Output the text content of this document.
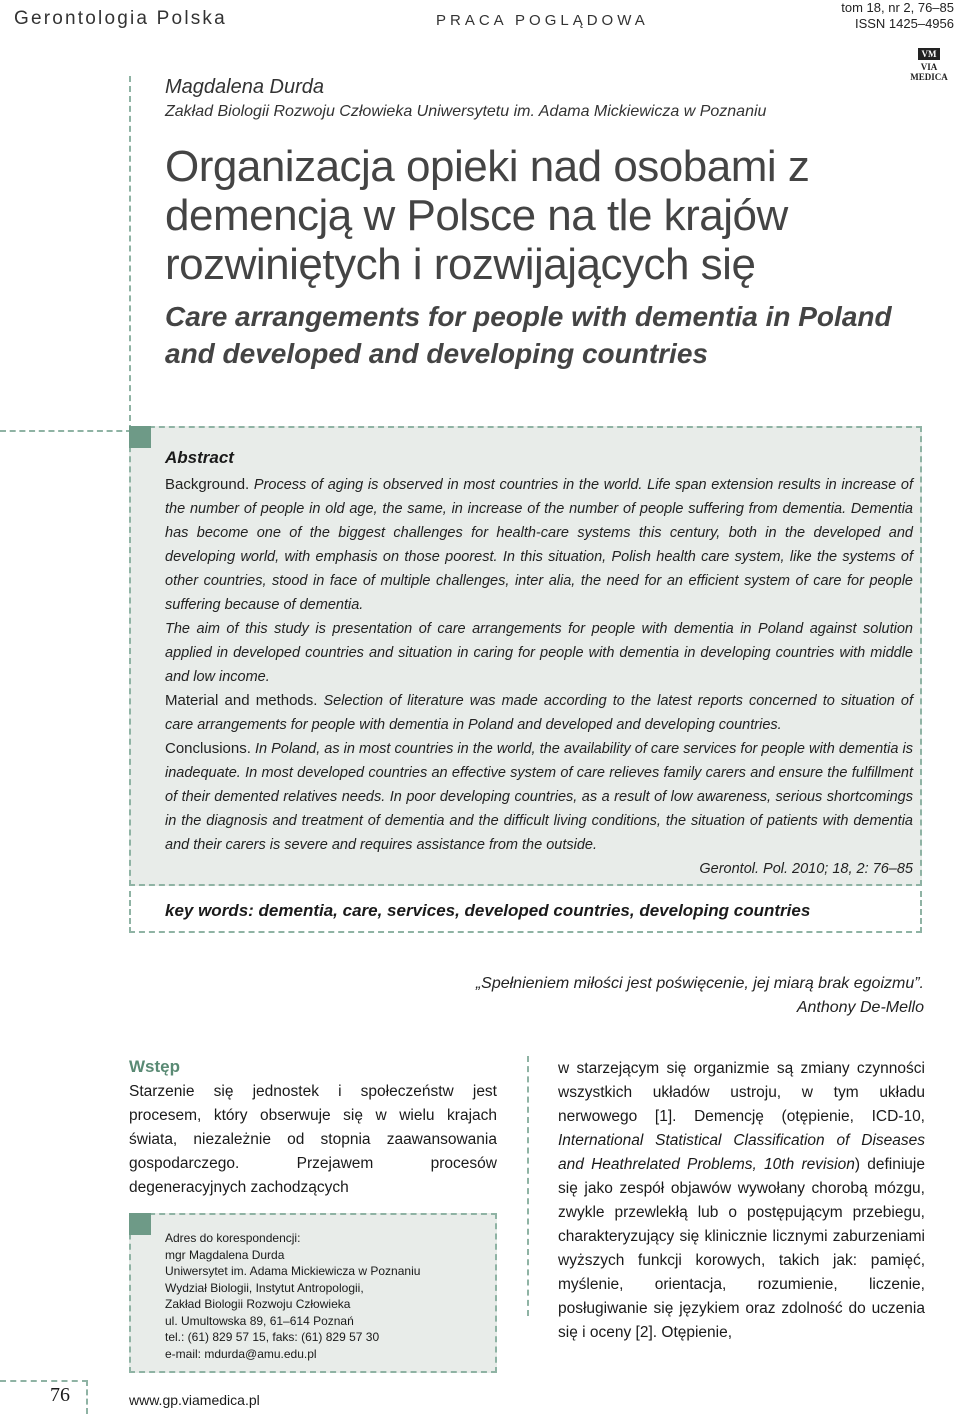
Gerontologia Polska	PRACA POGLĄDOWA
tom 18, nr 2, 76–85
ISSN 1425–4956
VM
VIA MEDICA
Magdalena Durda
Zakład Biologii Rozwoju Człowieka Uniwersytetu im. Adama Mickiewicza w Poznaniu
Organizacja opieki nad osobami z demencją w Polsce na tle krajów rozwiniętych i rozwijających się
Care arrangements for people with dementia in Poland and developed and developing countries
Abstract
Background. Process of aging is observed in most countries in the world. Life span extension results in increase of the number of people in old age, the same, in increase of the number of people suffering from dementia. Dementia has become one of the biggest challenges for health-care systems this century, both in the developed and developing world, with emphasis on those poorest. In this situation, Polish health care system, like the systems of other countries, stood in face of multiple challenges, inter alia, the need for an efficient system of care for people suffering because of dementia.
The aim of this study is presentation of care arrangements for people with dementia in Poland against solution applied in developed countries and situation in caring for people with dementia in developing countries with middle and low income.
Material and methods. Selection of literature was made according to the latest reports concerned to situation of care arrangements for people with dementia in Poland and developed and developing countries.
Conclusions. In Poland, as in most countries in the world, the availability of care services for people with dementia is inadequate. In most developed countries an effective system of care relieves family carers and ensure the fulfillment of their demented relatives needs. In poor developing countries, as a result of low awareness, serious shortcomings in the diagnosis and treatment of dementia and the difficult living conditions, the situation of patients with dementia and their carers is severe and requires assistance from the outside.
Gerontol. Pol. 2010; 18, 2: 76–85
key words: dementia, care, services, developed countries, developing countries
„Spełnieniem miłości jest poświęcenie, jej miarą brak egoizmu”.
Anthony De-Mello
Wstęp
Starzenie się jednostek i społeczeństw jest procesem, który obserwuje się w wielu krajach świata, niezależnie od stopnia zaawansowania gospodarczego. Przejawem procesów degeneracyjnych zachodzących
w starzejącym się organizmie są zmiany czynności wszystkich układów ustroju, w tym układu nerwowego [1]. Demencję (otępienie, ICD-10, International Statistical Classification of Diseases and Heathrelated Problems, 10th revision) definiuje się jako zespół objawów wywołany chorobą mózgu, zwykle przewlekłą lub o postępującym przebiegu, charakteryzujący się klinicznie licznymi zaburzeniami wyższych funkcji korowych, takich jak: pamięć, myślenie, orientacja, rozumienie, liczenie, posługiwanie się językiem oraz zdolność do uczenia się i oceny [2]. Otępienie,
Adres do korespondencji:
mgr Magdalena Durda
Uniwersytet im. Adama Mickiewicza w Poznaniu
Wydział Biologii, Instytut Antropologii,
Zakład Biologii Rozwoju Człowieka
ul. Umultowska 89, 61–614 Poznań
tel.: (61) 829 57 15, faks: (61) 829 57 30
e-mail: mdurda@amu.edu.pl
76	www.gp.viamedica.pl
